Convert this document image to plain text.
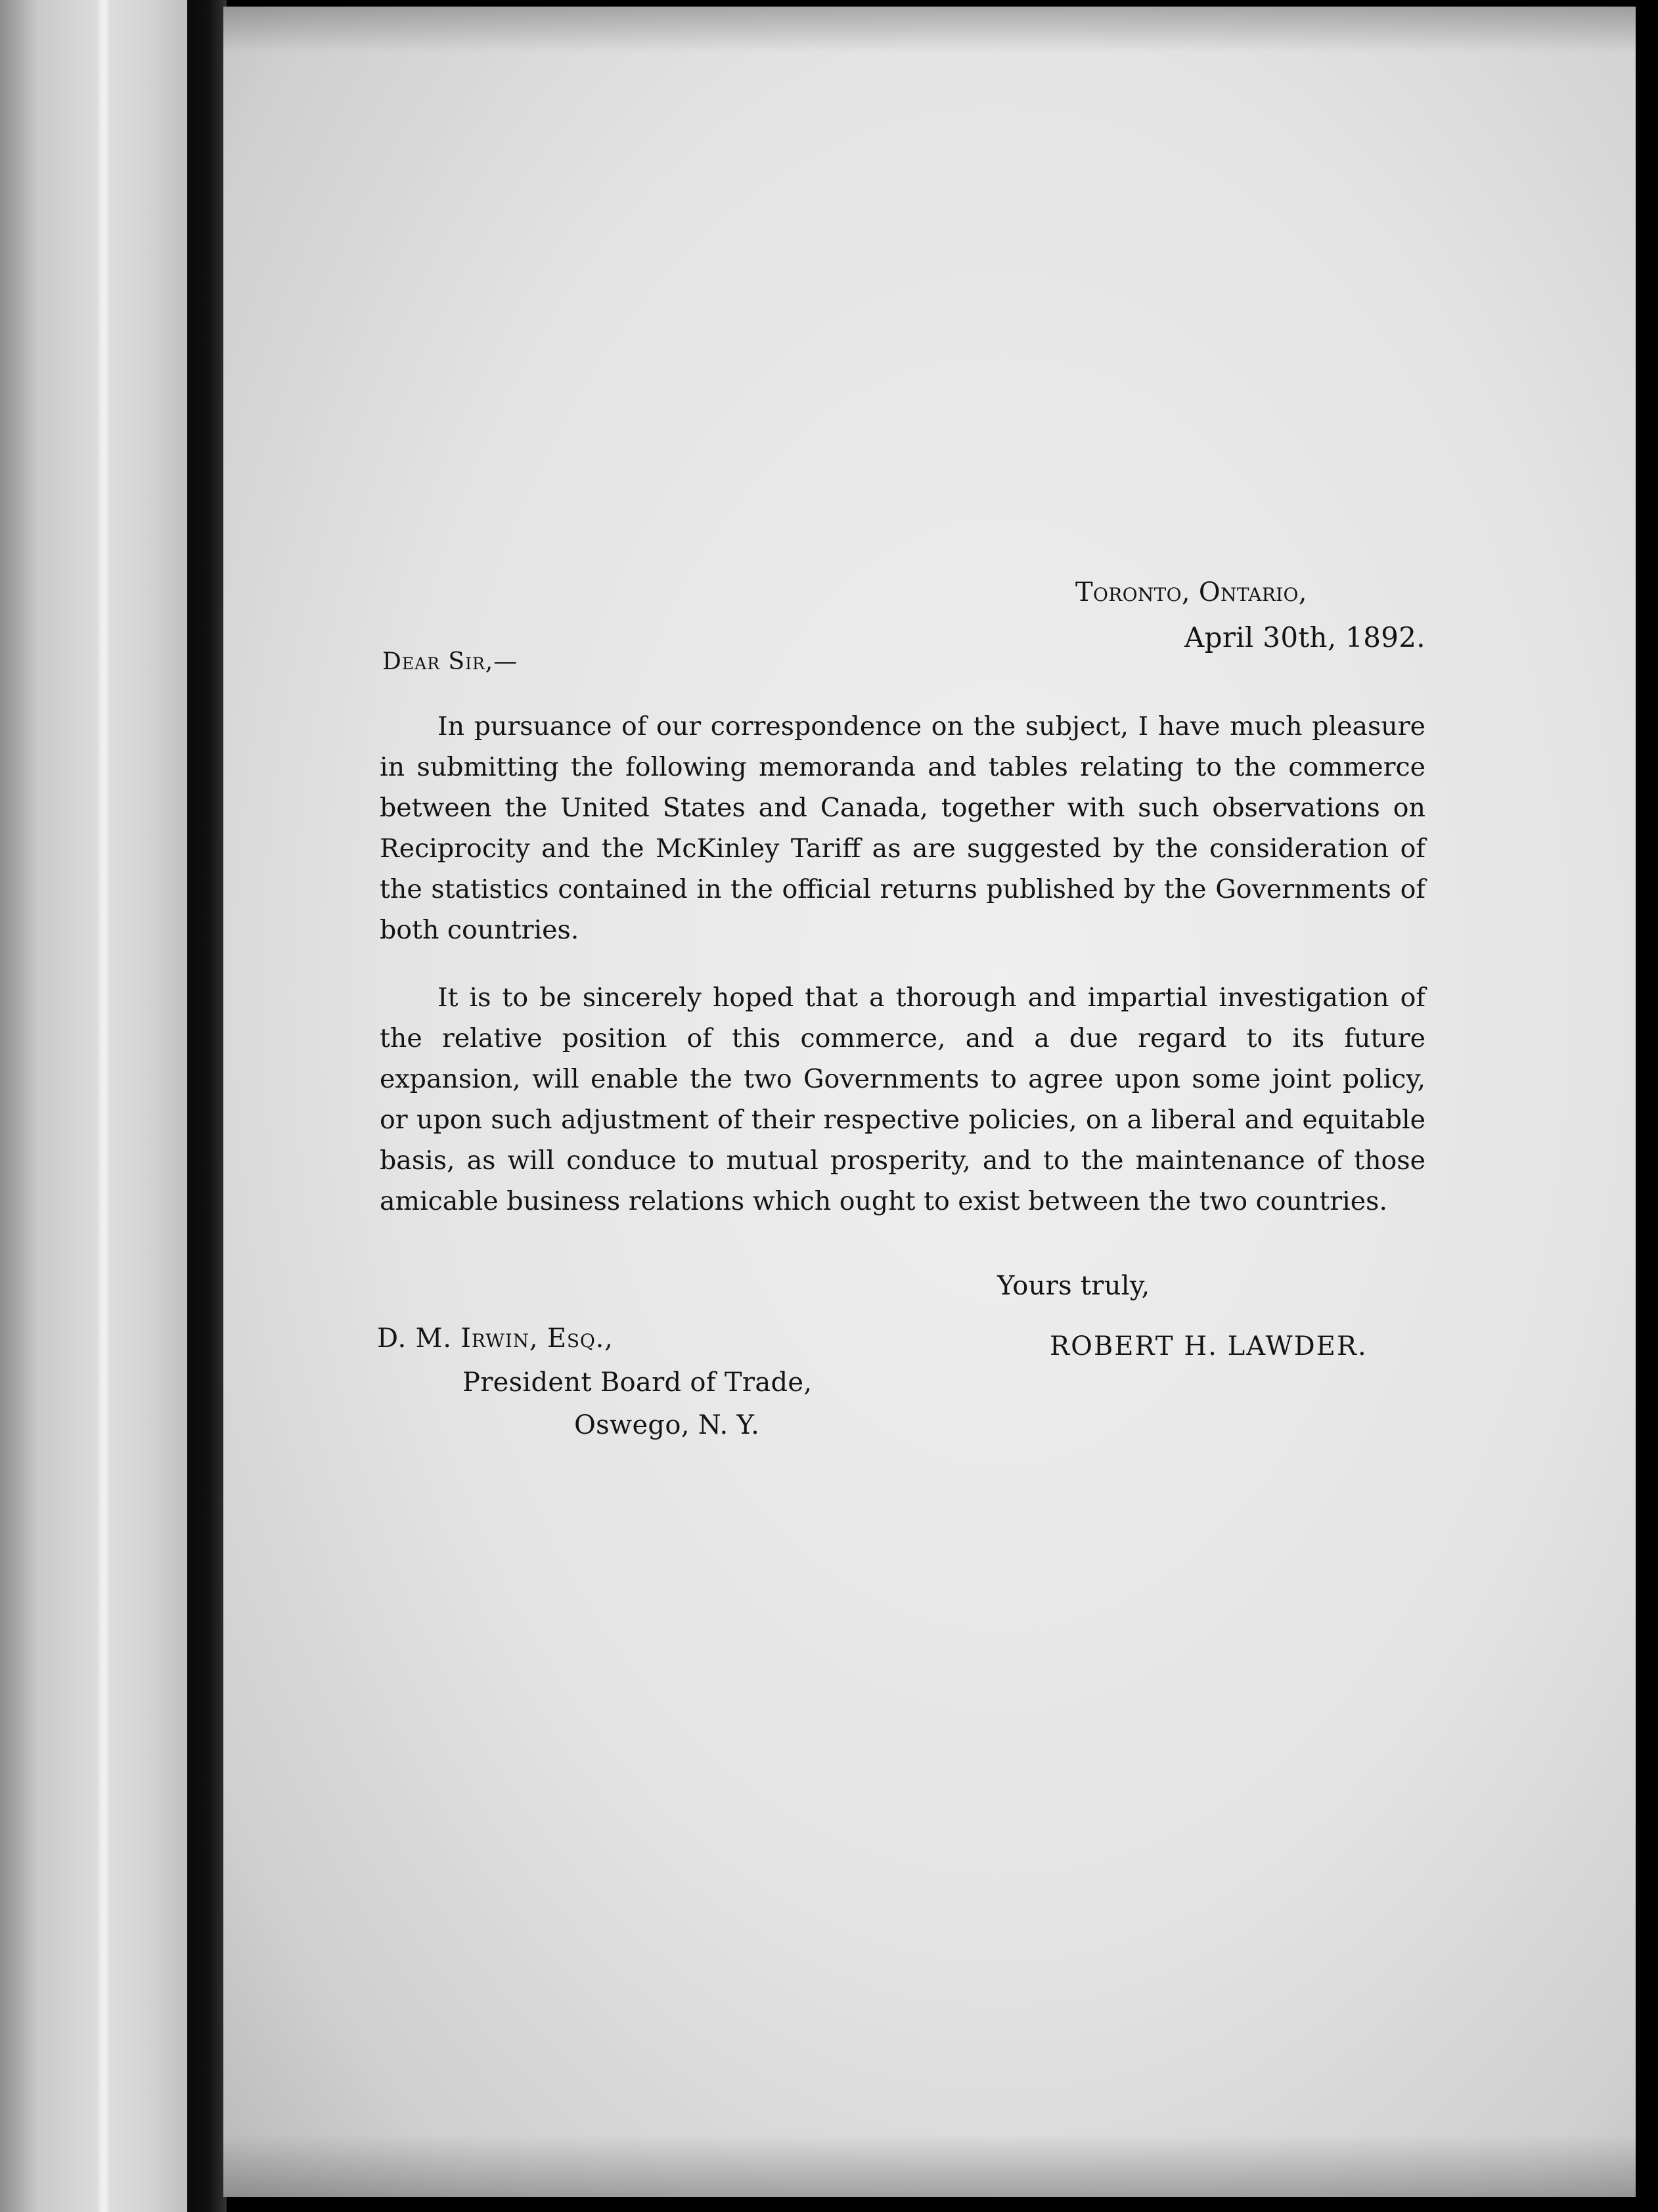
Toronto, Ontario,
April 30th, 1892.
Dear Sir,—

In pursuance of our correspondence on the subject, I have much pleasure in submitting the following memoranda and tables relating to the commerce between the United States and Canada, together with such observations on Reciprocity and the McKinley Tariff as are suggested by the consideration of the statistics contained in the official returns published by the Governments of both countries.

It is to be sincerely hoped that a thorough and impartial investigation of the relative position of this commerce, and a due regard to its future expansion, will enable the two Governments to agree upon some joint policy, or upon such adjustment of their respective policies, on a liberal and equitable basis, as will conduce to mutual prosperity, and to the maintenance of those amicable business relations which ought to exist between the two countries.

Yours truly,
ROBERT H. LAWDER.
D. M. Irwin, Esq.,
President Board of Trade,
Oswego, N. Y.
